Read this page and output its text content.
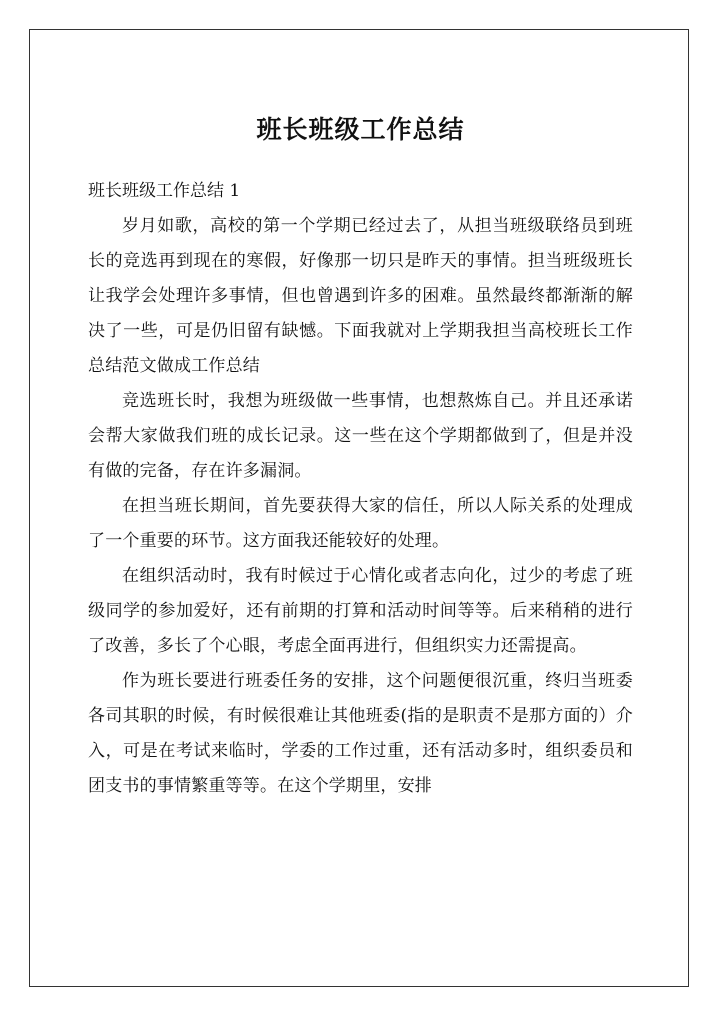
班长班级工作总结
班长班级工作总结 1

岁月如歌，高校的第一个学期已经过去了，从担当班级联络员到班长的竞选再到现在的寒假，好像那一切只是昨天的事情。担当班级班长让我学会处理许多事情，但也曾遇到许多的困难。虽然最终都渐渐的解决了一些，可是仍旧留有缺憾。下面我就对上学期我担当高校班长工作总结范文做成工作总结

竞选班长时，我想为班级做一些事情，也想熬炼自己。并且还承诺会帮大家做我们班的成长记录。这一些在这个学期都做到了，但是并没有做的完备，存在许多漏洞。

在担当班长期间，首先要获得大家的信任，所以人际关系的处理成了一个重要的环节。这方面我还能较好的处理。

在组织活动时，我有时候过于心情化或者志向化，过少的考虑了班级同学的参加爱好，还有前期的打算和活动时间等等。后来稍稍的进行了改善，多长了个心眼，考虑全面再进行，但组织实力还需提高。

作为班长要进行班委任务的安排，这个问题便很沉重，终归当班委各司其职的时候，有时候很难让其他班委(指的是职责不是那方面的）介入，可是在考试来临时，学委的工作过重，还有活动多时，组织委员和团支书的事情繁重等等。在这个学期里，安排
